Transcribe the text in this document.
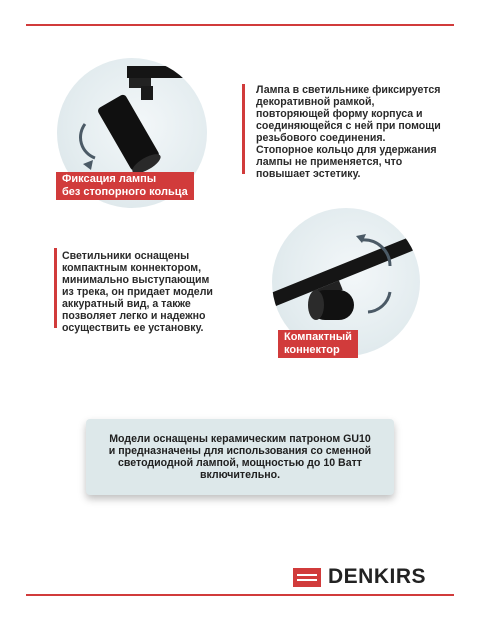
Лампа в светильнике фиксируется
декоративной рамкой,
повторяющей форму корпуса и
соединяющейся с ней при помощи
резьбового соединения.
Стопорное кольцо для удержания
лампы не применяется, что
повышает эстетику.

Фиксация лампы
без стопорного кольца

Светильники оснащены
компактным коннектором,
минимально выступающим
из трека, он придает модели
аккуратный вид, а также
позволяет легко и надежно
осуществить ее установку.

Компактный
коннектор

Модели оснащены керамическим патроном GU10
и предназначены для использования со сменной
светодиодной лампой, мощностью до 10 Ватт
включительно.

DENKIRS
